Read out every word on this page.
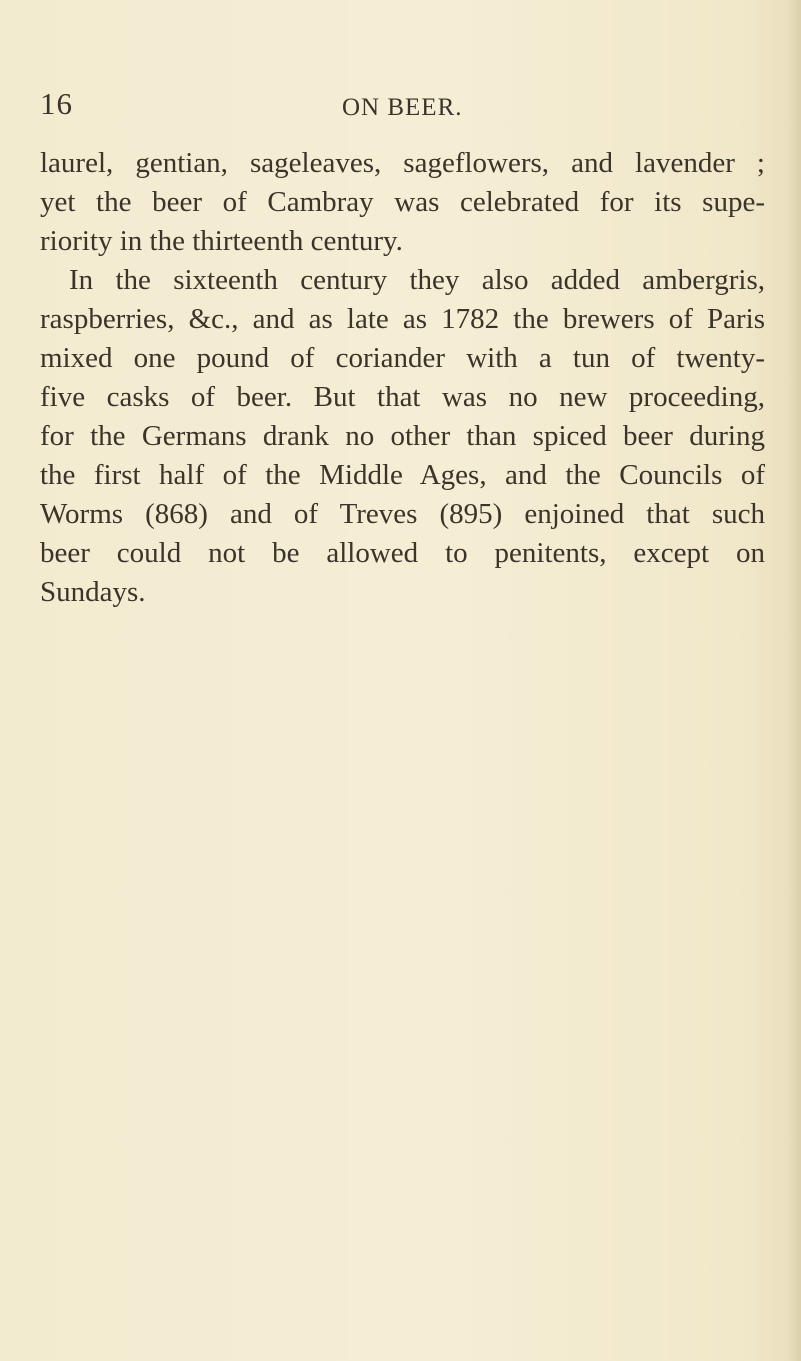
16	ON BEER.
laurel, gentian, sageleaves, sageflowers, and lavender ;
yet the beer of Cambray was celebrated for its supe-
riority in the thirteenth century.
In the sixteenth century they also added ambergris,
raspberries, &c., and as late as 1782 the brewers of Paris
mixed one pound of coriander with a tun of twenty-
five casks of beer. But that was no new proceeding,
for the Germans drank no other than spiced beer during
the first half of the Middle Ages, and the Councils of
Worms (868) and of Treves (895) enjoined that such
beer could not be allowed to penitents, except on
Sundays.
